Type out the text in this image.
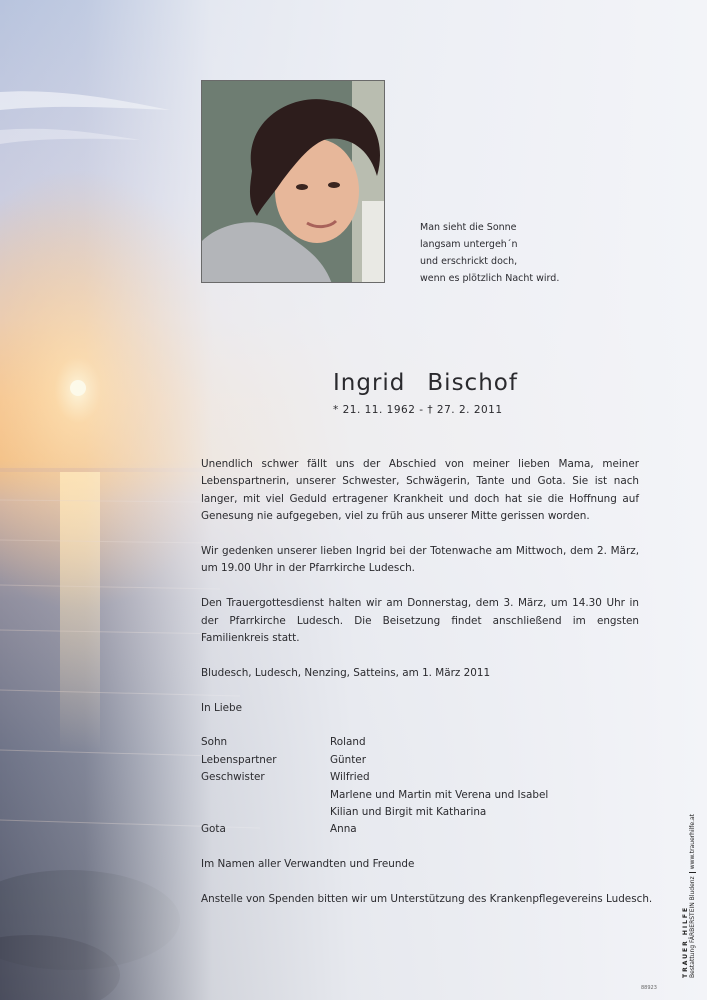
Man sieht die Sonne
langsam untergeh´n
und erschrickt doch,
wenn es plötzlich Nacht wird.
Ingrid Bischof
* 21. 11. 1962 - † 27. 2. 2011

Unendlich schwer fällt uns der Abschied von meiner lieben Mama, meiner Lebenspartnerin, unserer Schwester, Schwägerin, Tante und Gota. Sie ist nach langer, mit viel Geduld ertragener Krankheit und doch hat sie die Hoffnung auf Genesung nie aufgegeben, viel zu früh aus unserer Mitte gerissen worden.

Wir gedenken unserer lieben Ingrid bei der Totenwache am Mittwoch, dem 2. März, um 19.00 Uhr in der Pfarrkirche Ludesch.

Den Trauergottesdienst halten wir am Donnerstag, dem 3. März, um 14.30 Uhr in der Pfarrkirche Ludesch. Die Beisetzung findet anschließend im engsten Familienkreis statt.

Bludesch, Ludesch, Nenzing, Satteins, am 1. März 2011

In Liebe

Sohn	Roland
Lebenspartner	Günter
Geschwister	Wilfried
Marlene und Martin mit Verena und Isabel
Kilian und Birgit mit Katharina
Gota	Anna

Im Namen aller Verwandten und Freunde

Anstelle von Spenden bitten wir um Unterstützung des Krankenpflegevereins Ludesch.

TRAUER HILFE Bestattung FÄRBERSTEIN Bludenzwww.trauerhilfe.at
88923
